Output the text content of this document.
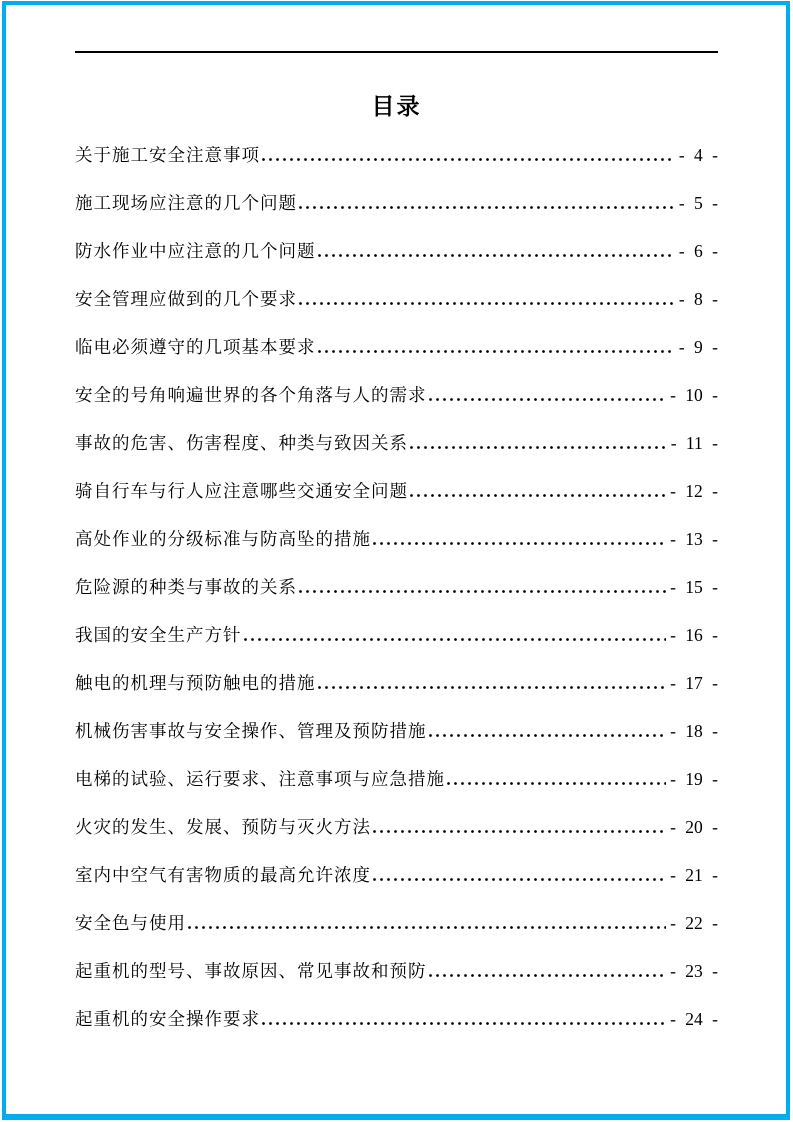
目录
关于施工安全注意事项	- 4 -
施工现场应注意的几个问题	- 5 -
防水作业中应注意的几个问题	- 6 -
安全管理应做到的几个要求	- 8 -
临电必须遵守的几项基本要求	- 9 -
安全的号角响遍世界的各个角落与人的需求	- 10 -
事故的危害、伤害程度、种类与致因关系	- 11 -
骑自行车与行人应注意哪些交通安全问题	- 12 -
高处作业的分级标准与防高坠的措施	- 13 -
危险源的种类与事故的关系	- 15 -
我国的安全生产方针	- 16 -
触电的机理与预防触电的措施	- 17 -
机械伤害事故与安全操作、管理及预防措施	- 18 -
电梯的试验、运行要求、注意事项与应急措施	- 19 -
火灾的发生、发展、预防与灭火方法	- 20 -
室内中空气有害物质的最高允许浓度	- 21 -
安全色与使用	- 22 -
起重机的型号、事故原因、常见事故和预防	- 23 -
起重机的安全操作要求	- 24 -
